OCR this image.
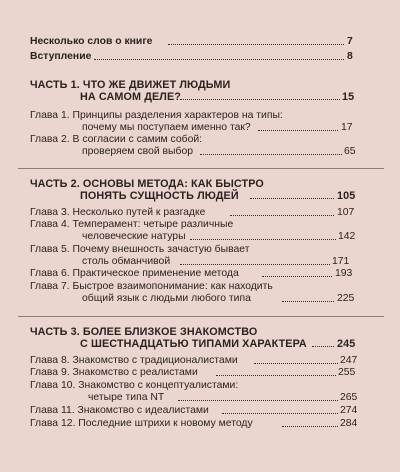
Несколько слов о книге	7
Вступление	8
ЧАСТЬ 1. ЧТО ЖЕ ДВИЖЕТ ЛЮДЬМИ
НА САМОМ ДЕЛЕ?	15
Глава 1. Принципы разделения характеров на типы:
почему мы поступаем именно так?	17
Глава 2. В согласии с самим собой:
проверяем свой выбор	65
ЧАСТЬ 2. ОСНОВЫ МЕТОДА: КАК БЫСТРО
ПОНЯТЬ СУЩНОСТЬ ЛЮДЕЙ	105
Глава 3. Несколько путей к разгадке	107
Глава 4. Темперамент: четыре различные
человеческие натуры	142
Глава 5. Почему внешность зачастую бывает
столь обманчивой	171
Глава 6. Практическое применение метода	193
Глава 7. Быстрое взаимопонимание: как находить
общий язык с людьми любого типа	225
ЧАСТЬ 3. БОЛЕЕ БЛИЗКОЕ ЗНАКОМСТВО
С ШЕСТНАДЦАТЬЮ ТИПАМИ ХАРАКТЕРА	245
Глава 8. Знакомство с традиционалистами	247
Глава 9. Знакомство с реалистами	255
Глава 10. Знакомство с концептуалистами:
четыре типа NT	265
Глава 11. Знакомство с идеалистами	274
Глава 12. Последние штрихи к новому методу	284
